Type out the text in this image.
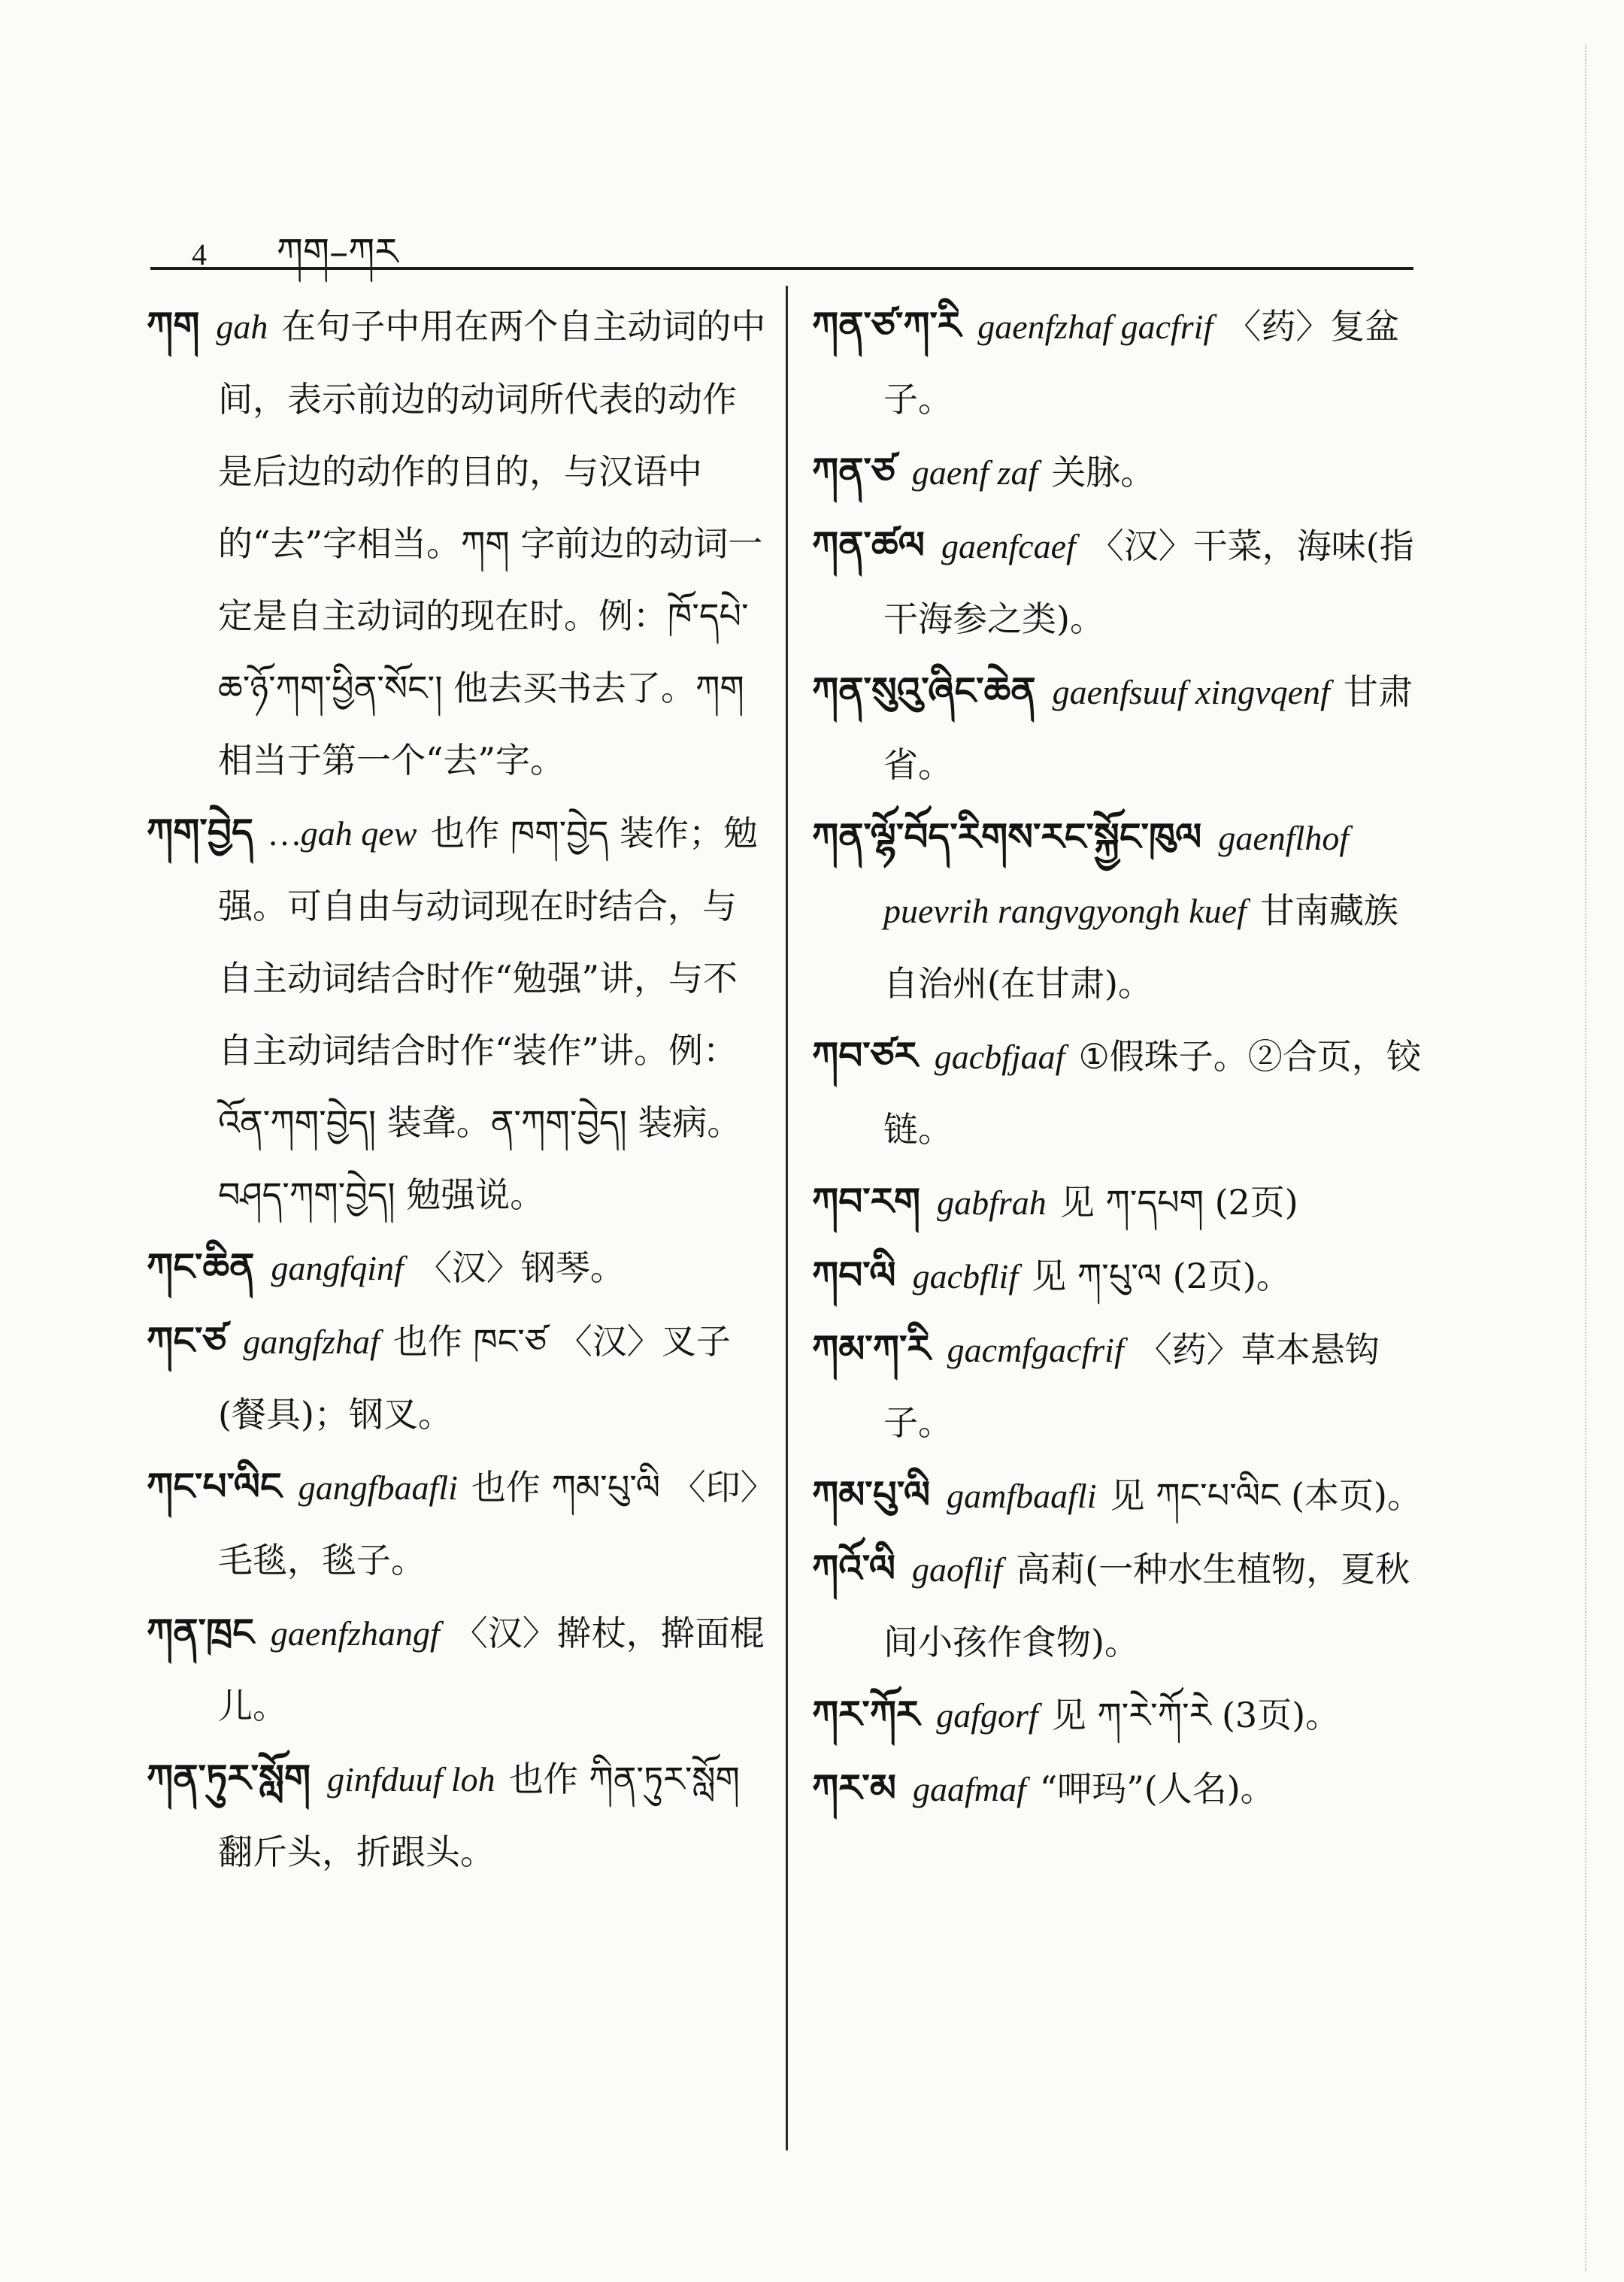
4 ཀག–ཀར
ཀག gah 在句子中用在两个自主动词的中间，表示前边的动词所代表的动作是后边的动作的目的，与汉语中的“去”字相当。ཀག 字前边的动词一定是自主动词的现在时。例：ཁོ་དཔེ་ཆ་ཉོ་ཀག་ཕྱིན་སོང་། 他去买书去了。ཀག相当于第一个“去”字。
ཀག་བྱེད …gah qew 也作 ཁག་བྱེད 装作；勉强。可自由与动词现在时结合，与自主动词结合时作“勉强”讲，与不自主动词结合时作“装作”讲。例：འོན་ཀག་བྱེད། 装聋。ན་ཀག་བྱེད། 装病。བཤད་ཀག་བྱེད། 勉强说。
ཀང་ཆིན gangfqinf 〈汉〉钢琴。
ཀང་ཙ gangfzhaf 也作 ཁང་ཙ 〈汉〉叉子(餐具)；钢叉。
ཀང་པ་ལིང gangfbaafli 也作 ཀམ་པུ་ལི 〈印〉毛毯，毯子。
ཀན་ཁྲང gaenfzhangf 〈汉〉擀杖，擀面棍儿。
ཀན་ཏུར་སློག ginfduuf loh 也作 ཀིན་ཏུར་སློག 翻斤头，折跟头。
ཀན་ཙ་ཀ་རི gaenfzhaf gacfrif 〈药〉复盆子。
ཀན་ཙ gaenf zaf 关脉。
ཀན་ཚལ gaenfcaef 〈汉〉干菜，海味(指干海参之类)。
ཀན་སུའུ་ཞིང་ཆེན gaenfsuuf xingvqenf 甘肃省。
ཀན་ལྷོ་བོད་རིགས་རང་སྐྱོང་ཁུལ gaenflhof puevrih rangvgyongh kuef 甘南藏族自治州(在甘肃)。
ཀབ་ཙར gacbfjaaf ①假珠子。②合页，铰链。
ཀབ་རག gabfrah 见 ཀ་དཔག (2页)
ཀབ་ལི gacbflif 见 ཀ་པུ་ལ (2页)。
ཀམ་ཀ་རི gacmfgacfrif 〈药〉草本悬钩子。
ཀམ་པུ་ལི gamfbaafli 见 ཀང་པ་ལིང (本页)。
ཀའོ་ལི gaoflif 高莉(一种水生植物，夏秋间小孩作食物)。
ཀར་ཀོར gafgorf 见 ཀ་རེ་ཀོ་རེ (3页)。
ཀར་མ gaafmaf “呷玛”(人名)。
